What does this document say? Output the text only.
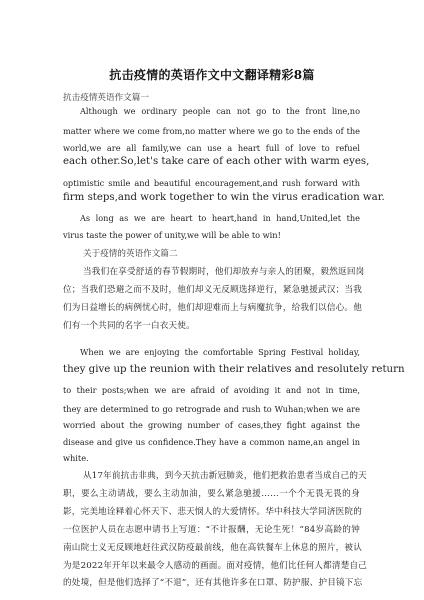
抗击疫情的英语作文中文翻译精彩8篇
抗击疫情英语作文篇一
Although we ordinary people can not go to the front line,no
matter where we come from,no matter where we go to the ends of the
world,we are all family,we can use a heart full of love to refuel
each other.So,let's take care of each other with warm eyes,
optimistic smile and beautiful encouragement,and rush forward with
firm steps,and work together to win the virus eradication war.
As long as we are heart to heart,hand in hand,United,let the
virus taste the power of unity,we will be able to win!
关于疫情的英语作文篇二
当我们在享受舒适的春节假期时，他们却放弃与亲人的团聚，毅然返回岗
位；当我们恐避之而不及时，他们却义无反顾选择逆行，紧急驰援武汉；当我
们为日益增长的病例忧心时，他们却迎难而上与病魔抗争，给我们以信心。他
们有一个共同的名字一白衣天使。
When we are enjoying the comfortable Spring Festival holiday,
they give up the reunion with their relatives and resolutely return
to their posts;when we are afraid of avoiding it and not in time,
they are determined to go retrograde and rush to Wuhan;when we are
worried about the growing number of cases,they fight against the
disease and give us confidence.They have a common name,an angel in
white.
从17年前抗击非典，到今天抗击新冠肺炎，他们把救治患者当成自己的天
职，要么主动请战，要么主动加油，要么紧急驰援……一个个无畏无畏的身
影，完美地诠释着心怀天下、悲天悯人的大爱情怀。华中科技大学同济医院的
一位医护人员在志愿申请书上写道：“不计报酬，无论生死！”84岁高龄的钟
南山院士义无反顾地赶往武汉防疫最前线，他在高铁餐车上休息的照片，被认
为是2022年开年以来最令人感动的画面。面对疫情，他们比任何人都清楚自己
的处境，但是他们选择了“不退”，还有其他许多在口罩、防护服、护目镜下忘
